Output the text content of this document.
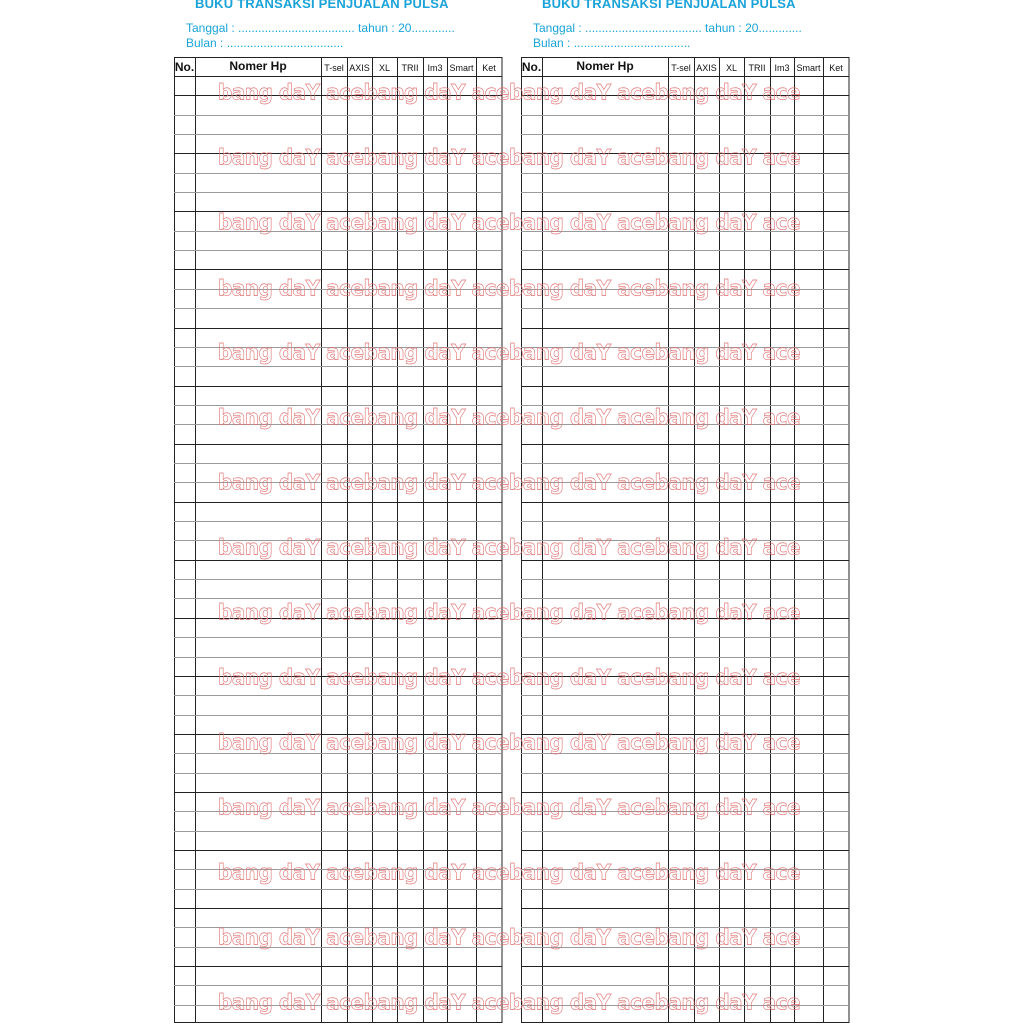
BUKU TRANSAKSI PENJUALAN PULSA
Tanggal : ................................... tahun : 20.............
Bulan : ...................................
No.	Nomer Hp	T-sel AXIS XL TRII Im3 Smart Ket
BUKU TRANSAKSI PENJUALAN PULSA
Tanggal : ................................... tahun : 20.............
Bulan : ...................................
No.	Nomer Hp	T-sel AXIS XL TRII Im3 Smart Ket
bang daY acebang daY acebang daY acebang daY ace
bang daY acebang daY acebang daY acebang daY ace
bang daY acebang daY acebang daY acebang daY ace
bang daY acebang daY acebang daY acebang daY ace
bang daY acebang daY acebang daY acebang daY ace
bang daY acebang daY acebang daY acebang daY ace
bang daY acebang daY acebang daY acebang daY ace
bang daY acebang daY acebang daY acebang daY ace
bang daY acebang daY acebang daY acebang daY ace
bang daY acebang daY acebang daY acebang daY ace
bang daY acebang daY acebang daY acebang daY ace
bang daY acebang daY acebang daY acebang daY ace
bang daY acebang daY acebang daY acebang daY ace
bang daY acebang daY acebang daY acebang daY ace
bang daY acebang daY acebang daY acebang daY ace
